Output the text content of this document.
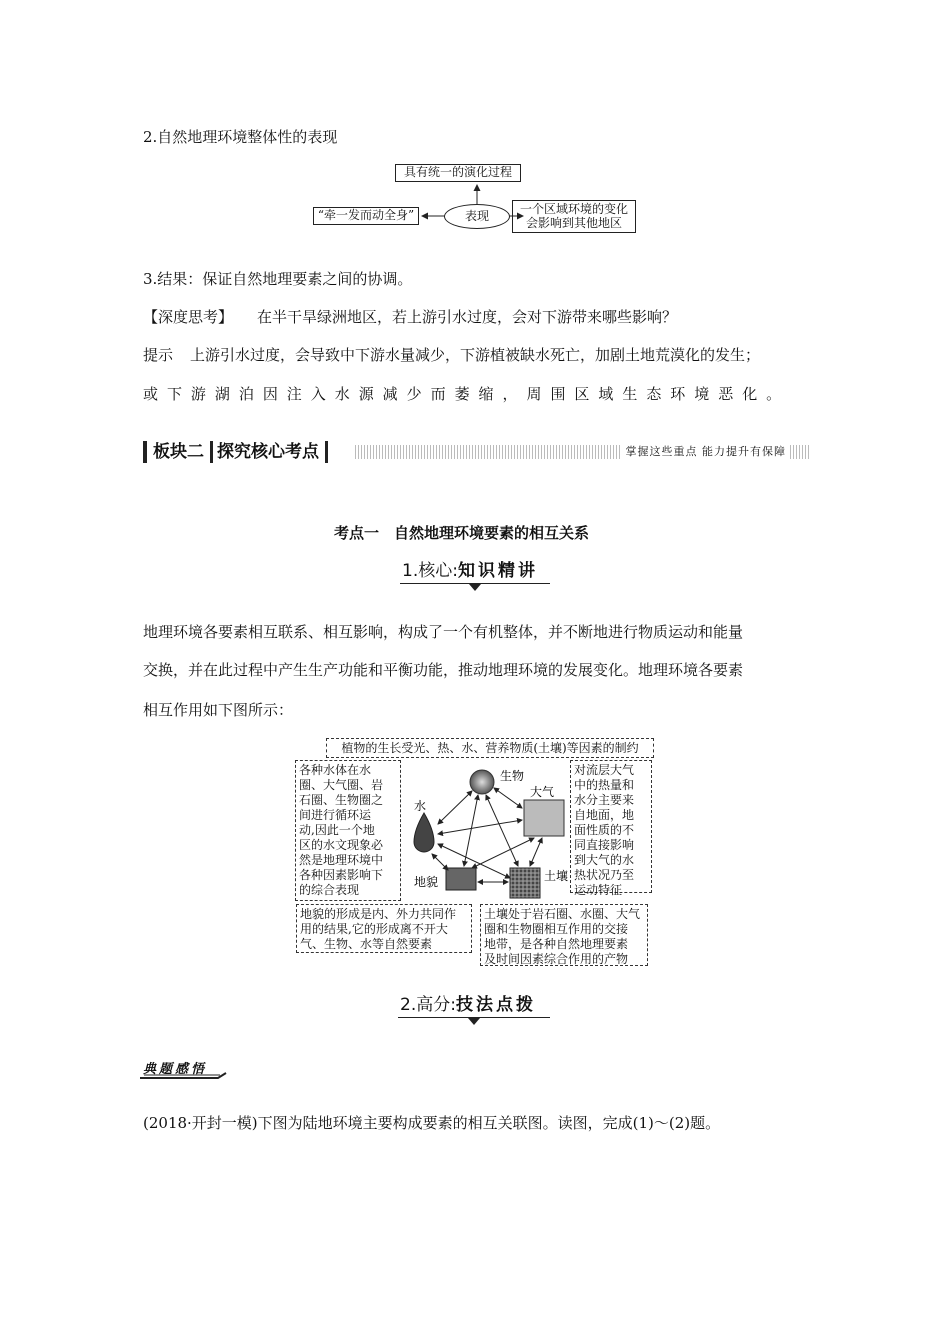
2.自然地理环境整体性的表现
具有统一的演化过程
“牵一发而动全身”	表现	一个区域环境的变化
会影响到其他地区
3.结果：保证自然地理要素之间的协调。
【深度思考】 在半干旱绿洲地区，若上游引水过度，会对下游带来哪些影响？
提示 上游引水过度，会导致中下游水量减少，下游植被缺水死亡，加剧土地荒漠化的发生；
或 下 游 湖 泊 因 注 入 水 源 减 少 而 萎 缩 ， 周 围 区 域 生 态 环 境 恶 化 。
板块二 探究核心考点	掌握这些重点 能力提升有保障
考点一　自然地理环境要素的相互关系
1.核心:知识精讲
地理环境各要素相互联系、相互影响，构成了一个有机整体，并不断地进行物质运动和能量
交换，并在此过程中产生生产功能和平衡功能，推动地理环境的发展变化。地理环境各要素
相互作用如下图所示：
植物的生长受光、热、水、营养物质(土壤)等因素的制约
各种水体在水
圈、大气圈、岩
石圈、生物圈之
间进行循环运
动,因此一个地
区的水文现象必
然是地理环境中
各种因素影响下
的综合表现
对流层大气
中的热量和
水分主要来
自地面，地
面性质的不
同直接影响
到大气的水
热状况乃至
运动特征
地貌的形成是内、外力共同作
用的结果,它的形成离不开大
气、生物、水等自然要素
土壤处于岩石圈、水圈、大气
圈和生物圈相互作用的交接
地带，是各种自然地理要素
及时间因素综合作用的产物
生物
大气
水
地貌	土壤
2.高分:技法点拨
典题感悟
(2018·开封一模)下图为陆地环境主要构成要素的相互关联图。读图，完成(1)～(2)题。
